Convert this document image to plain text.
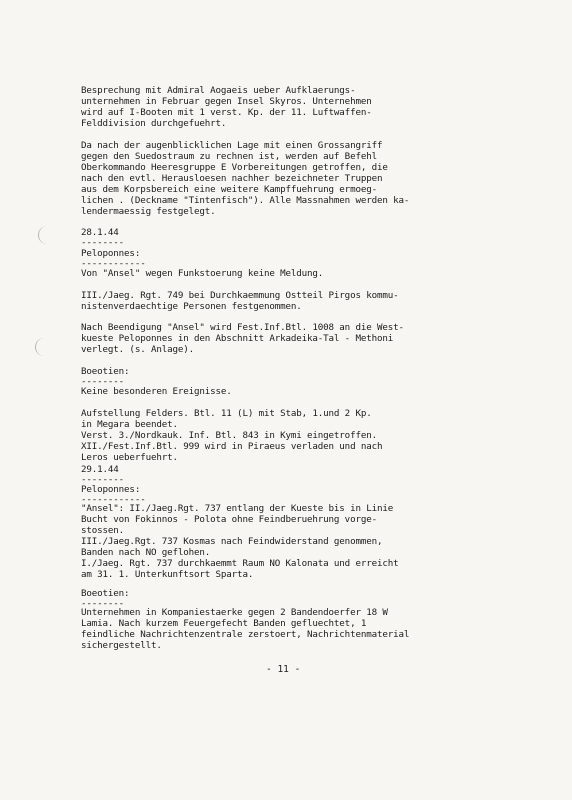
Besprechung mit Admiral Aogaeis ueber Aufklaerungs-
unternehmen in Februar gegen Insel Skyros. Unternehmen
wird auf I-Booten mit 1 verst. Kp. der 11. Luftwaffen-
Felddivision durchgefuehrt.
Da nach der augenblicklichen Lage mit einen Grossangriff
gegen den Suedostraum zu rechnen ist, werden auf Befehl
Oberkommando Heeresgruppe E Vorbereitungen getroffen, die
nach den evtl. Herausloesen nachher bezeichneter Truppen
aus dem Korpsbereich eine weitere Kampffuehrung ermoeg-
lichen . (Deckname "Tintenfisch"). Alle Massnahmen werden ka-
lendermaessig festgelegt.
28.1.44
--------
Peloponnes:
------------
Von "Ansel" wegen Funkstoerung keine Meldung.
III./Jaeg. Rgt. 749 bei Durchkaemmung Ostteil Pirgos kommu-
nistenverdaechtige Personen festgenommen.
Nach Beendigung "Ansel" wird Fest.Inf.Btl. 1008 an die West-
kueste Peloponnes in den Abschnitt Arkadeika-Tal - Methoni
verlegt. (s. Anlage).
Boeotien:
--------
Keine besonderen Ereignisse.
Aufstellung Felders. Btl. 11 (L) mit Stab, 1.und 2 Kp.
in Megara beendet.
Verst. 3./Nordkauk. Inf. Btl. 843 in Kymi eingetroffen.
XII./Fest.Inf.Btl. 999 wird in Piraeus verladen und nach
Leros ueberfuehrt.
29.1.44
--------
Peloponnes:
------------
"Ansel": II./Jaeg.Rgt. 737 entlang der Kueste bis in Linie
Bucht von Fokinnos - Polota ohne Feindberuehrung vorge-
stossen.
III./Jaeg.Rgt. 737 Kosmas nach Feindwiderstand genommen,
Banden nach NO geflohen.
I./Jaeg. Rgt. 737 durchkaemmt Raum NO Kalonata und erreicht
am 31. 1. Unterkunftsort Sparta.
Boeotien:
--------
Unternehmen in Kompaniestaerke gegen 2 Bandendoerfer 18 W
Lamia. Nach kurzem Feuergefecht Banden gefluechtet, 1
feindliche Nachrichtenzentrale zerstoert, Nachrichtenmaterial
sichergestellt.
- 11 -
